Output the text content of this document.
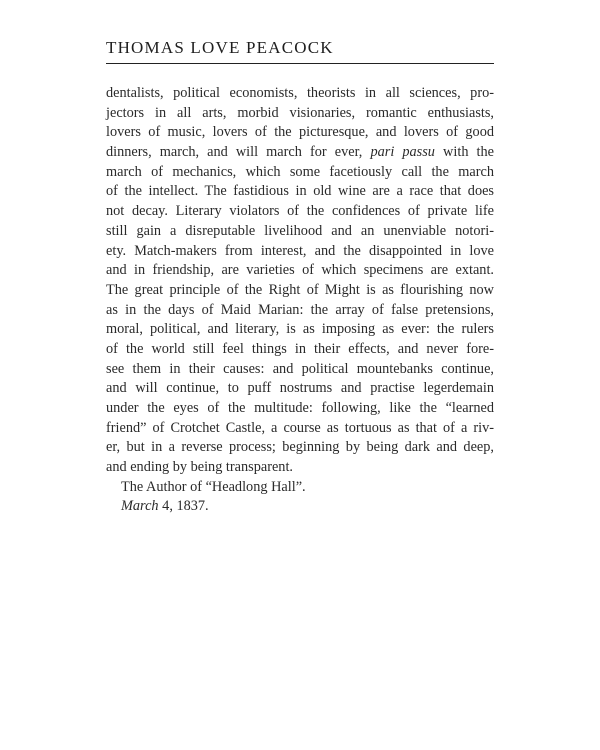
THOMAS LOVE PEACOCK
dentalists, political economists, theorists in all sciences, pro-
jectors in all arts, morbid visionaries, romantic enthusiasts,
lovers of music, lovers of the picturesque, and lovers of good
dinners, march, and will march for ever, pari passu with the
march of mechanics, which some facetiously call the march
of the intellect. The fastidious in old wine are a race that does
not decay. Literary violators of the confidences of private life
still gain a disreputable livelihood and an unenviable notori-
ety. Match-makers from interest, and the disappointed in love
and in friendship, are varieties of which specimens are extant.
The great principle of the Right of Might is as flourishing now
as in the days of Maid Marian: the array of false pretensions,
moral, political, and literary, is as imposing as ever: the rulers
of the world still feel things in their effects, and never fore-
see them in their causes: and political mountebanks continue,
and will continue, to puff nostrums and practise legerdemain
under the eyes of the multitude: following, like the “learned
friend” of Crotchet Castle, a course as tortuous as that of a riv-
er, but in a reverse process; beginning by being dark and deep,
and ending by being transparent.
The Author of “Headlong Hall”.
March 4, 1837.
